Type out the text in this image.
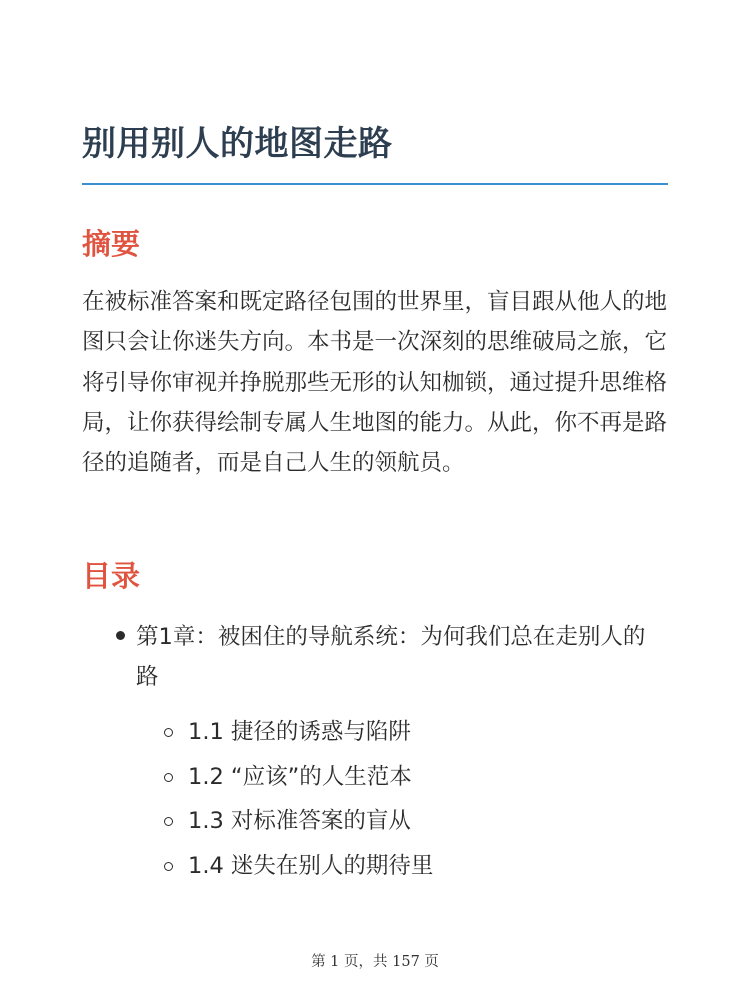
别用别人的地图走路
摘要

在被标准答案和既定路径包围的世界里，盲目跟从他人的地图只会让你迷失方向。本书是一次深刻的思维破局之旅，它将引导你审视并挣脱那些无形的认知枷锁，通过提升思维格局，让你获得绘制专属人生地图的能力。从此，你不再是路径的追随者，而是自己人生的领航员。

目录
第1章：被困住的导航系统：为何我们总在走别人的路
1.1 捷径的诱惑与陷阱
1.2 “应该”的人生范本
1.3 对标准答案的盲从
1.4 迷失在别人的期待里
第 1 页，共 157 页
